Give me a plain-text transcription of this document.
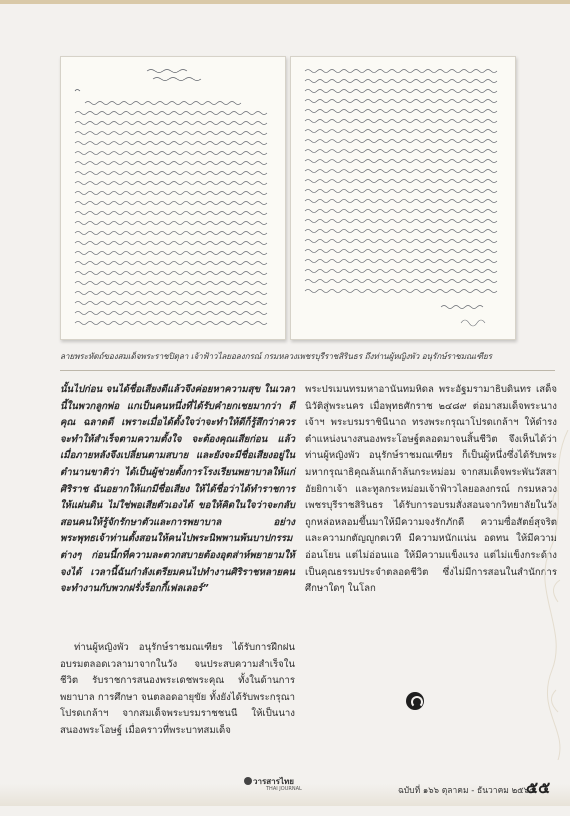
ลายพระหัตถ์ของสมเด็จพระราชปิตุลา เจ้าฟ้าวไลยอลงกรณ์ กรมหลวงเพชรบุรีราชสิรินธร ถึงท่านผู้หญิงพัว อนุรักษ์ราชมณเฑียร

นั้นไปก่อน จนได้ชื่อเสียงดีแล้วจึงค่อยหาความสุข ในเวลานี้ในพวกลูกพ่อ แกเป็นคนหนึ่งที่ได้รับคำยกเชยมากว่า ดีคุณ ฉลาดดี เพราะเมื่อได้ตั้งใจว่าจะทำให้ดีก็รู้สึกว่าควรจะทำให้สำเร็จตามความตั้งใจ จะต้องคุณเสียก่อน แล้วเมื่อภายหลังจึงเปลี่ยนตามสบาย และยังจะมีชื่อเสียงอยู่ในตำนานขาติว่า ได้เป็นผู้ช่วยตั้งการโรงเรียนพยาบาลให้แก่ศิริราช ฉันอยากให้แกมีชื่อเสียง ให้ได้ชื่อว่าได้ทำราชการให้แผ่นดิน ไม่ใช่พอเสียตัวเองได้ ขอให้คิดในใจว่าจะกลับสอนคนให้รู้จักรักษาตัวและการพยาบาล อย่างพระพุทธเจ้าท่านตั้งสอนให้คนไปพระนิพพานพ้นบาปกรรมต่างๆ ก่อนนี้กที่ความละตวกสบายต้องอุตส่าห์พยายามให้จงได้ เวลานี้ฉันกำลังเตรียมคนไปทำงานศิริราชหลายคนจะทำงานกับพวกฝรั่งร็อกกี้เฟลเลอร์”

ท่านผู้หญิงพัว อนุรักษ์ราชมณเฑียร ได้รับการฝึกฝนอบรมตลอดเวลามาจากในวัง จนประสบความสำเร็จในชีวิต รับราชการสนองพระเดชพระคุณ ทั้งในด้านการพยาบาล การศึกษา จนตลอดอายุขัย ทั้งยังได้รับพระกรุณาโปรดเกล้าฯ จากสมเด็จพระบรมราชชนนี ให้เป็นนางสนองพระโอษฐ์ เมื่อคราวที่พระบาทสมเด็จ

พระปรเมนทรมหาอานันทมหิดล พระอัฐมรามาธิบดินทร เสด็จนิวัติสู่พระนคร เมื่อพุทธศักราช ๒๔๘๙ ต่อมาสมเด็จพระนางเจ้าฯ พระบรมราชินีนาถ ทรงพระกรุณาโปรดเกล้าฯ ให้ดำรงตำแหน่งนางสนองพระโอษฐ์ตลอดมาจนสิ้นชีวิต จึงเห็นได้ว่า ท่านผู้หญิงพัว อนุรักษ์ราชมณเฑียร ก็เป็นผู้หนึ่งซึ่งได้รับพระมหากรุณาธิคุณล้นเกล้าล้นกระหม่อม จากสมเด็จพระพันวัสสาอัยยิกาเจ้า และทูลกระหม่อมเจ้าฟ้าวไลยอลงกรณ์ กรมหลวงเพชรบุรีราชสิรินธร ได้รับการอบรมสั่งสอนจากวิทยาลัยในวัง ถูกหล่อหลอมขึ้นมาให้มีความจงรักภักดี ความซื่อสัตย์สุจริต และความกตัญญูกตเวที มีความหนักแน่น อดทน ให้มีความอ่อนโยน แต่ไม่อ่อนแอ ให้มีความแข็งแรง แต่ไม่แข็งกระด้าง เป็นคุณธรรมประจำตลอดชีวิต ซึ่งไม่มีการสอนในสำนักการศึกษาใดๆ ในโลก

วารสารไทย
THAI JOURNAL	ฉบับที่ ๑๖๖ ตุลาคม - ธันวาคม ๒๕๖๕
๕๕
